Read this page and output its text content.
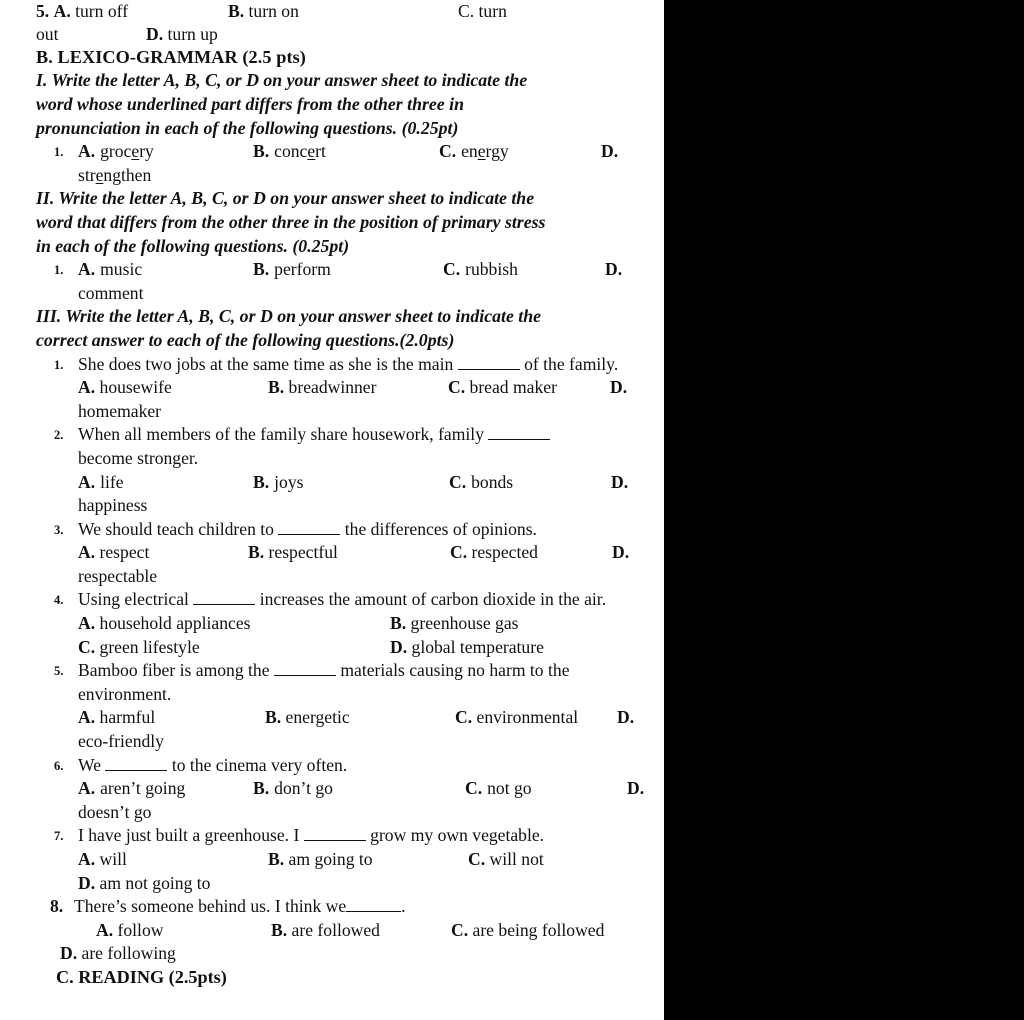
5. A. turn off	B. turn on	C. turn
out	D. turn up
B. LEXICO-GRAMMAR (2.5 pts)
I. Write the letter A, B, C, or D on your answer sheet to indicate the
word whose underlined part differs from the other three in
pronunciation in each of the following questions. (0.25pt)
1. A. grocery	B. concert	C. energy	D.
strengthen
II. Write the letter A, B, C, or D on your answer sheet to indicate the
word that differs from the other three in the position of primary stress
in each of the following questions. (0.25pt)
1. A. music	B. perform	C. rubbish	D.
comment
III. Write the letter A, B, C, or D on your answer sheet to indicate the
correct answer to each of the following questions.(2.0pts)
1. She does two jobs at the same time as she is the main	of the family.
A. housewife	B. breadwinner	C. bread maker	D.
homemaker
2. When all members of the family share housework, family
become stronger.
A. life	B. joys	C. bonds	D.
happiness
3. We should teach children to	the differences of opinions.
A. respect	B. respectful	C. respected	D.
respectable
4. Using electrical	increases the amount of carbon dioxide in the air.
A. household appliances	B. greenhouse gas
C. green lifestyle	D. global temperature
5. Bamboo fiber is among the	materials causing no harm to the environment.
A. harmful	B. energetic	C. environmental D.
eco-friendly
6. We	to the cinema very often.
A. aren’t going	B. don’t go	C. not go	D.
doesn’t go
7. I have just built a greenhouse. I	grow my own vegetable.
A. will	B. am going to	C. will not
D. am not going to
8. There’s someone behind us. I think we	.
A. follow	B. are followed	C. are being followed
D. are following
C. READING (2.5pts)
